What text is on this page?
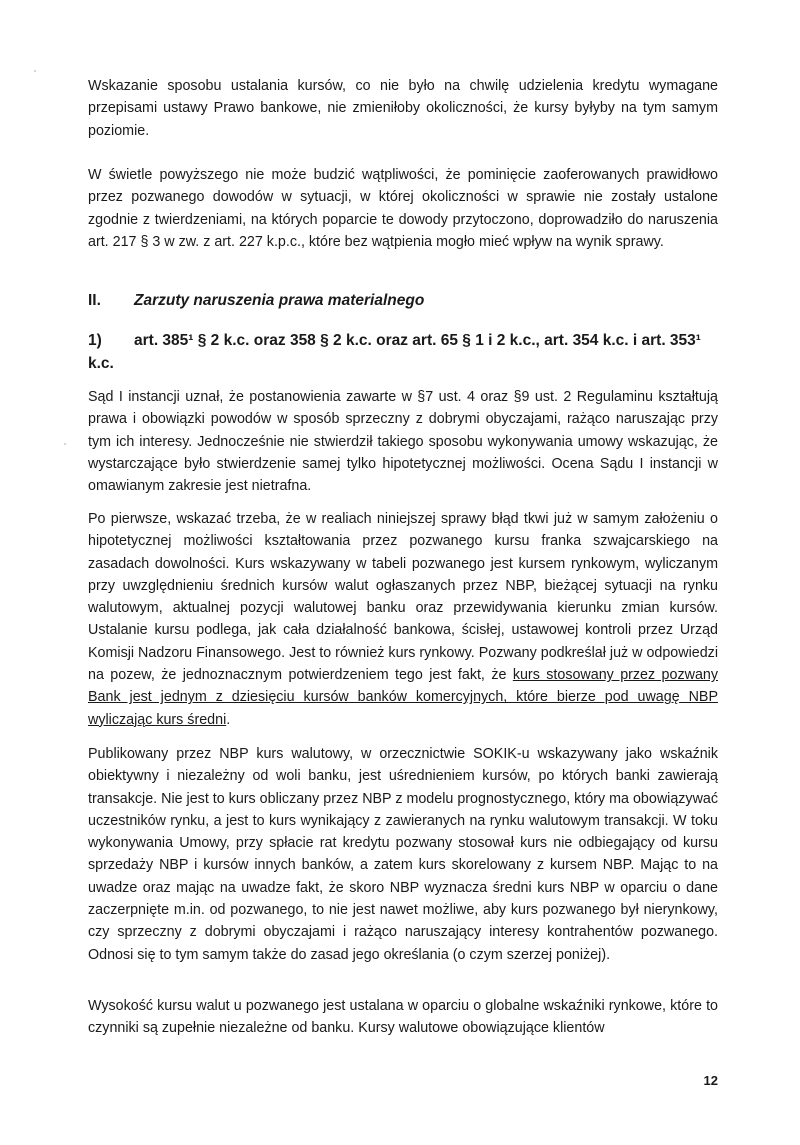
Wskazanie sposobu ustalania kursów, co nie było na chwilę udzielenia kredytu wymagane przepisami ustawy Prawo bankowe, nie zmieniłoby okoliczności, że kursy byłyby na tym samym poziomie.

W świetle powyższego nie może budzić wątpliwości, że pominięcie zaoferowanych prawidłowo przez pozwanego dowodów w sytuacji, w której okoliczności w sprawie nie zostały ustalone zgodnie z twierdzeniami, na których poparcie te dowody przytoczono, doprowadziło do naruszenia art. 217 § 3 w zw. z art. 227 k.p.c., które bez wątpienia mogło mieć wpływ na wynik sprawy.

II. Zarzuty naruszenia prawa materialnego
1) art. 385¹ § 2 k.c. oraz 358 § 2 k.c. oraz art. 65 § 1 i 2 k.c., art. 354 k.c. i art. 353¹ k.c.

Sąd I instancji uznał, że postanowienia zawarte w §7 ust. 4 oraz §9 ust. 2 Regulaminu kształtują prawa i obowiązki powodów w sposób sprzeczny z dobrymi obyczajami, rażąco naruszając przy tym ich interesy. Jednocześnie nie stwierdził takiego sposobu wykonywania umowy wskazując, że wystarczające było stwierdzenie samej tylko hipotetycznej możliwości. Ocena Sądu I instancji w omawianym zakresie jest nietrafna.

Po pierwsze, wskazać trzeba, że w realiach niniejszej sprawy błąd tkwi już w samym założeniu o hipotetycznej możliwości kształtowania przez pozwanego kursu franka szwajcarskiego na zasadach dowolności. Kurs wskazywany w tabeli pozwanego jest kursem rynkowym, wyliczanym przy uwzględnieniu średnich kursów walut ogłaszanych przez NBP, bieżącej sytuacji na rynku walutowym, aktualnej pozycji walutowej banku oraz przewidywania kierunku zmian kursów. Ustalanie kursu podlega, jak cała działalność bankowa, ścisłej, ustawowej kontroli przez Urząd Komisji Nadzoru Finansowego. Jest to również kurs rynkowy. Pozwany podkreślał już w odpowiedzi na pozew, że jednoznacznym potwierdzeniem tego jest fakt, że kurs stosowany przez pozwany Bank jest jednym z dziesięciu kursów banków komercyjnych, które bierze pod uwagę NBP wyliczając kurs średni.

Publikowany przez NBP kurs walutowy, w orzecznictwie SOKIK-u wskazywany jako wskaźnik obiektywny i niezależny od woli banku, jest uśrednieniem kursów, po których banki zawierają transakcje. Nie jest to kurs obliczany przez NBP z modelu prognostycznego, który ma obowiązywać uczestników rynku, a jest to kurs wynikający z zawieranych na rynku walutowym transakcji. W toku wykonywania Umowy, przy spłacie rat kredytu pozwany stosował kurs nie odbiegający od kursu sprzedaży NBP i kursów innych banków, a zatem kurs skorelowany z kursem NBP. Mając to na uwadze oraz mając na uwadze fakt, że skoro NBP wyznacza średni kurs NBP w oparciu o dane zaczerpnięte m.in. od pozwanego, to nie jest nawet możliwe, aby kurs pozwanego był nierynkowy, czy sprzeczny z dobrymi obyczajami i rażąco naruszający interesy kontrahentów pozwanego. Odnosi się to tym samym także do zasad jego określania (o czym szerzej poniżej).

Wysokość kursu walut u pozwanego jest ustalana w oparciu o globalne wskaźniki rynkowe, które to czynniki są zupełnie niezależne od banku. Kursy walutowe obowiązujące klientów

12
